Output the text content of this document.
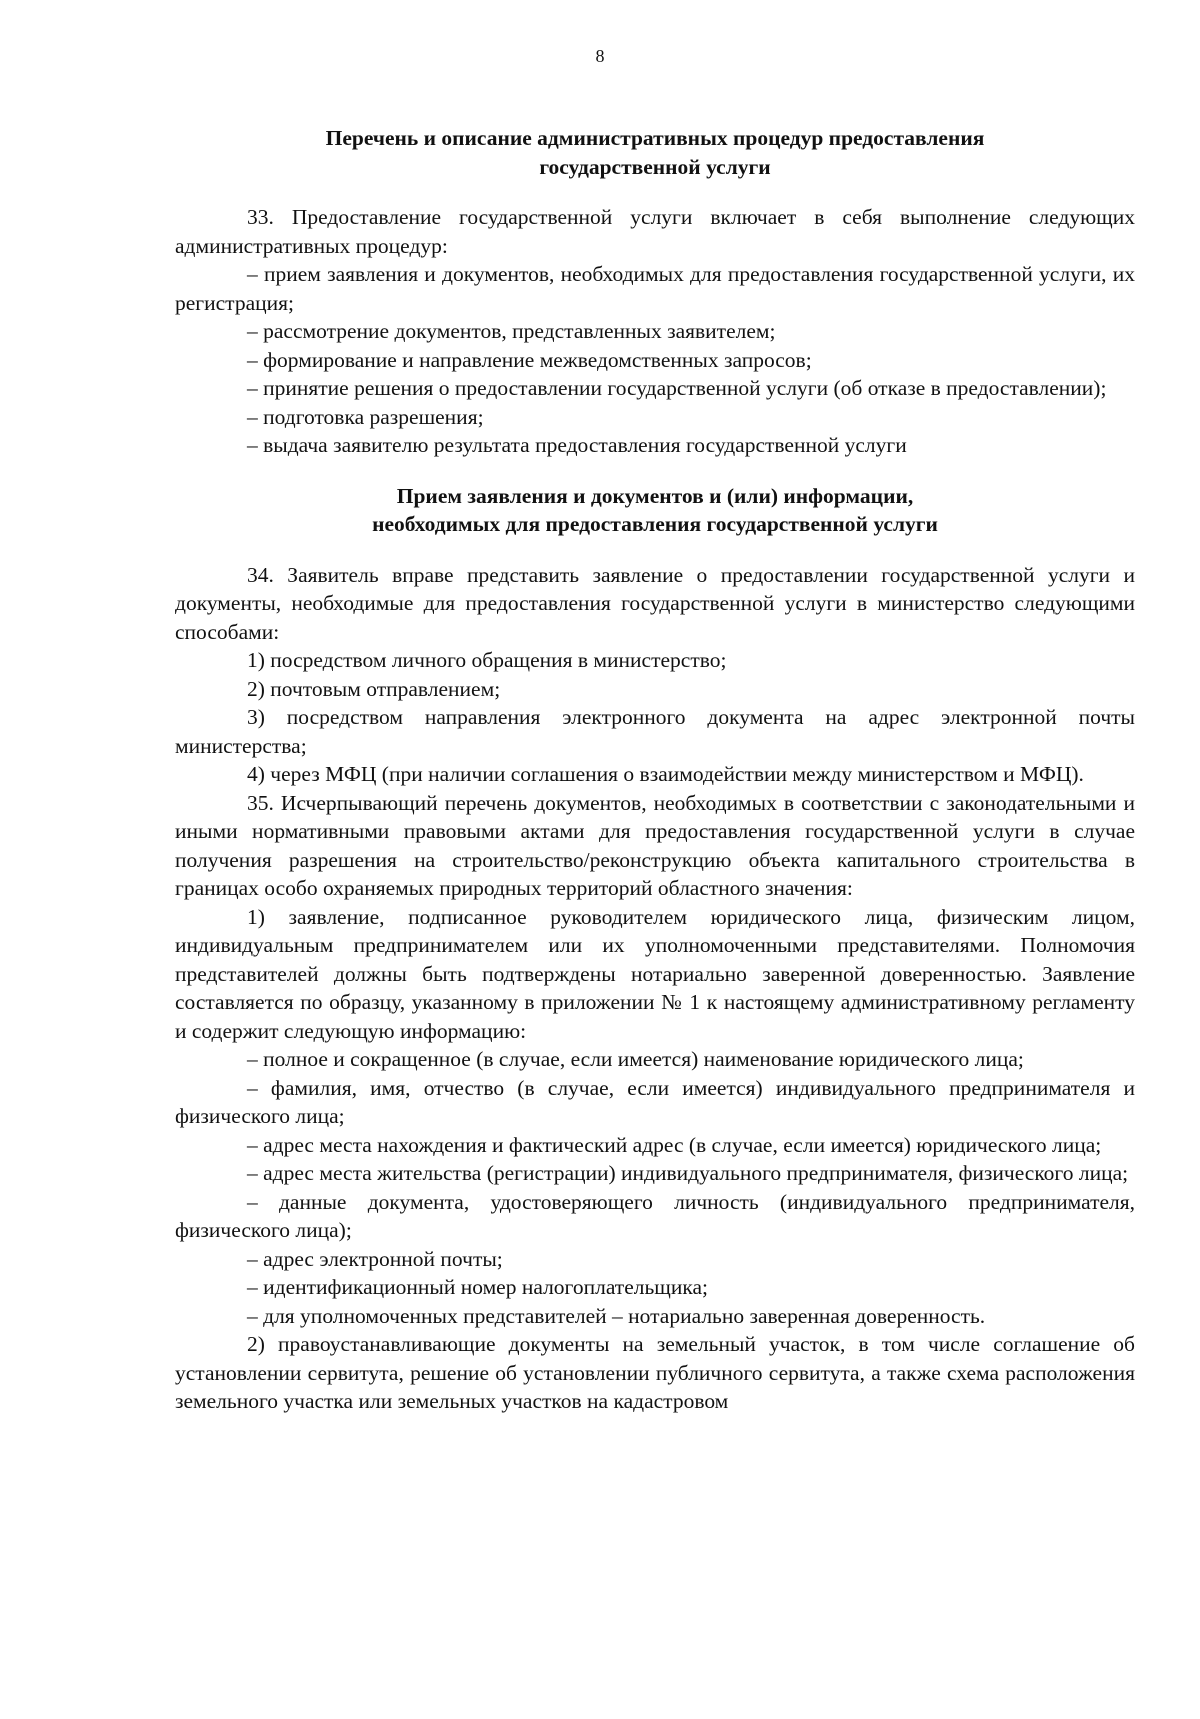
8
Перечень и описание административных процедур предоставления
государственной услуги

33. Предоставление государственной услуги включает в себя выполнение следующих административных процедур:

– прием заявления и документов, необходимых для предоставления государственной услуги, их регистрация;

– рассмотрение документов, представленных заявителем;

– формирование и направление межведомственных запросов;

– принятие решения о предоставлении государственной услуги (об отказе в предоставлении);

– подготовка разрешения;

– выдача заявителю результата предоставления государственной услуги

Прием заявления и документов и (или) информации,
необходимых для предоставления государственной услуги

34. Заявитель вправе представить заявление о предоставлении государственной услуги и документы, необходимые для предоставления государственной услуги в министерство следующими способами:

1) посредством личного обращения в министерство;

2) почтовым отправлением;

3) посредством направления электронного документа на адрес электронной почты министерства;

4) через МФЦ (при наличии соглашения о взаимодействии между министерством и МФЦ).

35. Исчерпывающий перечень документов, необходимых в соответствии с законодательными и иными нормативными правовыми актами для предоставления государственной услуги в случае получения разрешения на строительство/реконструкцию объекта капитального строительства в границах особо охраняемых природных территорий областного значения:

1) заявление, подписанное руководителем юридического лица, физическим лицом, индивидуальным предпринимателем или их уполномоченными представителями. Полномочия представителей должны быть подтверждены нотариально заверенной доверенностью. Заявление составляется по образцу, указанному в приложении № 1 к настоящему административному регламенту и содержит следующую информацию:

– полное и сокращенное (в случае, если имеется) наименование юридического лица;

– фамилия, имя, отчество (в случае, если имеется) индивидуального предпринимателя и физического лица;

– адрес места нахождения и фактический адрес (в случае, если имеется) юридического лица;

– адрес места жительства (регистрации) индивидуального предпринимателя, физического лица;

– данные документа, удостоверяющего личность (индивидуального предпринимателя, физического лица);

– адрес электронной почты;

– идентификационный номер налогоплательщика;

– для уполномоченных представителей – нотариально заверенная доверенность.

2) правоустанавливающие документы на земельный участок, в том числе соглашение об установлении сервитута, решение об установлении публичного сервитута, а также схема расположения земельного участка или земельных участков на кадастровом
